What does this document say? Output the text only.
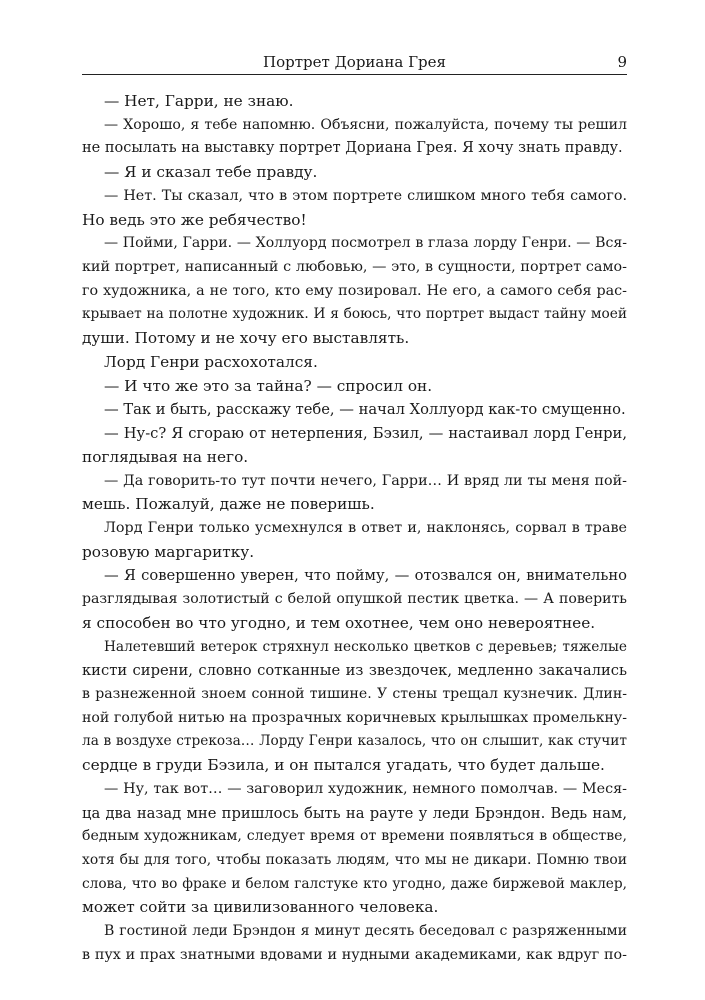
Портрет Дориана Грея	9
— Нет, Гарри, не знаю.
— Хорошо, я тебе напомню. Объясни, пожалуйста, почему ты решил
не посылать на выставку портрет Дориана Грея. Я хочу знать правду.
— Я и сказал тебе правду.
— Нет. Ты сказал, что в этом портрете слишком много тебя самого.
Но ведь это же ребячество!
— Пойми, Гарри. — Холлуорд посмотрел в глаза лорду Генри. — Вся-
кий портрет, написанный с любовью, — это, в сущности, портрет само-
го художника, а не того, кто ему позировал. Не его, а самого себя рас-
крывает на полотне художник. И я боюсь, что портрет выдаст тайну моей
души. Потому и не хочу его выставлять.
Лорд Генри расхохотался.
— И что же это за тайна? — спросил он.
— Так и быть, расскажу тебе, — начал Холлуорд как-то смущенно.
— Ну-с? Я сгораю от нетерпения, Бэзил, — настаивал лорд Генри,
поглядывая на него.
— Да говорить-то тут почти нечего, Гарри… И вряд ли ты меня пой-
мешь. Пожалуй, даже не поверишь.
Лорд Генри только усмехнулся в ответ и, наклонясь, сорвал в траве
розовую маргаритку.
— Я совершенно уверен, что пойму, — отозвался он, внимательно
разглядывая золотистый с белой опушкой пестик цветка. — А поверить
я способен во что угодно, и тем охотнее, чем оно невероятнее.
Налетевший ветерок стряхнул несколько цветков с деревьев; тяжелые
кисти сирени, словно сотканные из звездочек, медленно закачались
в разнеженной зноем сонной тишине. У стены трещал кузнечик. Длин-
ной голубой нитью на прозрачных коричневых крылышках промелькну-
ла в воздухе стрекоза… Лорду Генри казалось, что он слышит, как стучит
сердце в груди Бэзила, и он пытался угадать, что будет дальше.
— Ну, так вот… — заговорил художник, немного помолчав. — Меся-
ца два назад мне пришлось быть на рауте у леди Брэндон. Ведь нам,
бедным художникам, следует время от времени появляться в обществе,
хотя бы для того, чтобы показать людям, что мы не дикари. Помню твои
слова, что во фраке и белом галстуке кто угодно, даже биржевой маклер,
может сойти за цивилизованного человека.
В гостиной леди Брэндон я минут десять беседовал с разряженными
в пух и прах знатными вдовами и нудными академиками, как вдруг по-
